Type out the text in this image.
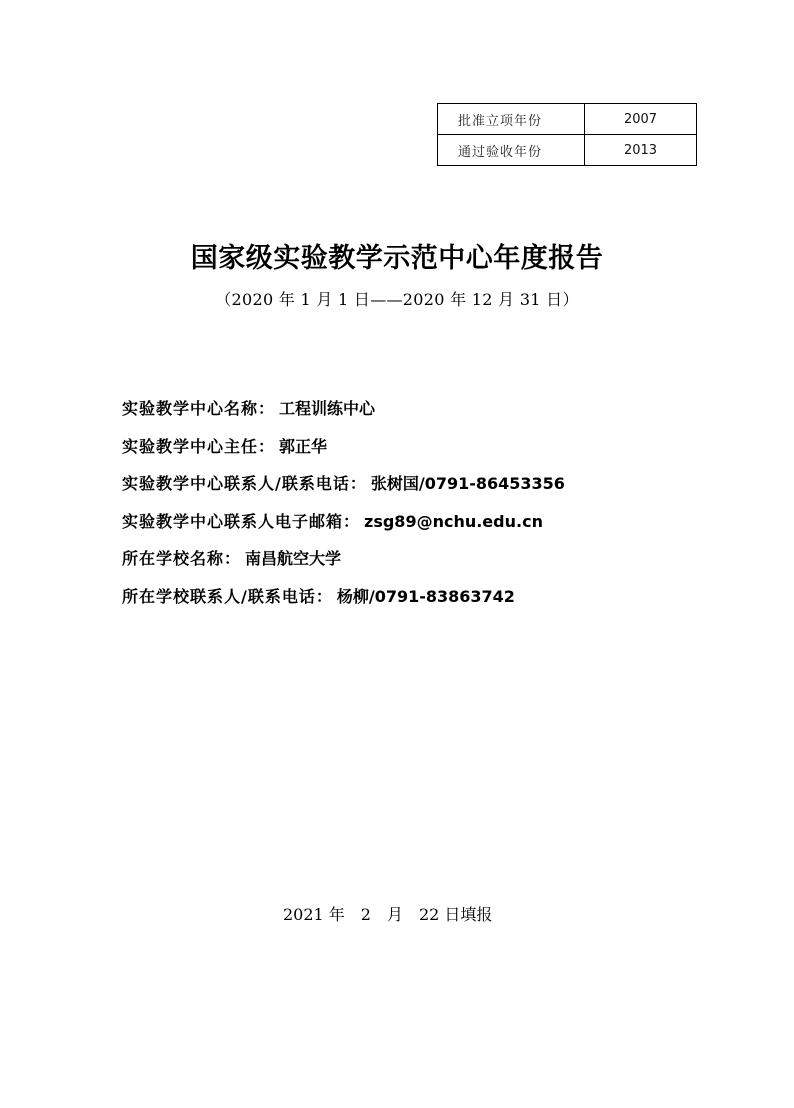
批准立项年份	2007
通过验收年份	2013
国家级实验教学示范中心年度报告
（2020 年 1 月 1 日——2020 年 12 月 31 日）
实验教学中心名称： 工程训练中心
实验教学中心主任： 郭正华
实验教学中心联系人/联系电话： 张树国/0791-86453356
实验教学中心联系人电子邮箱： zsg89@nchu.edu.cn
所在学校名称： 南昌航空大学
所在学校联系人/联系电话： 杨柳/0791-83863742
2021 年　2　月　22 日填报
